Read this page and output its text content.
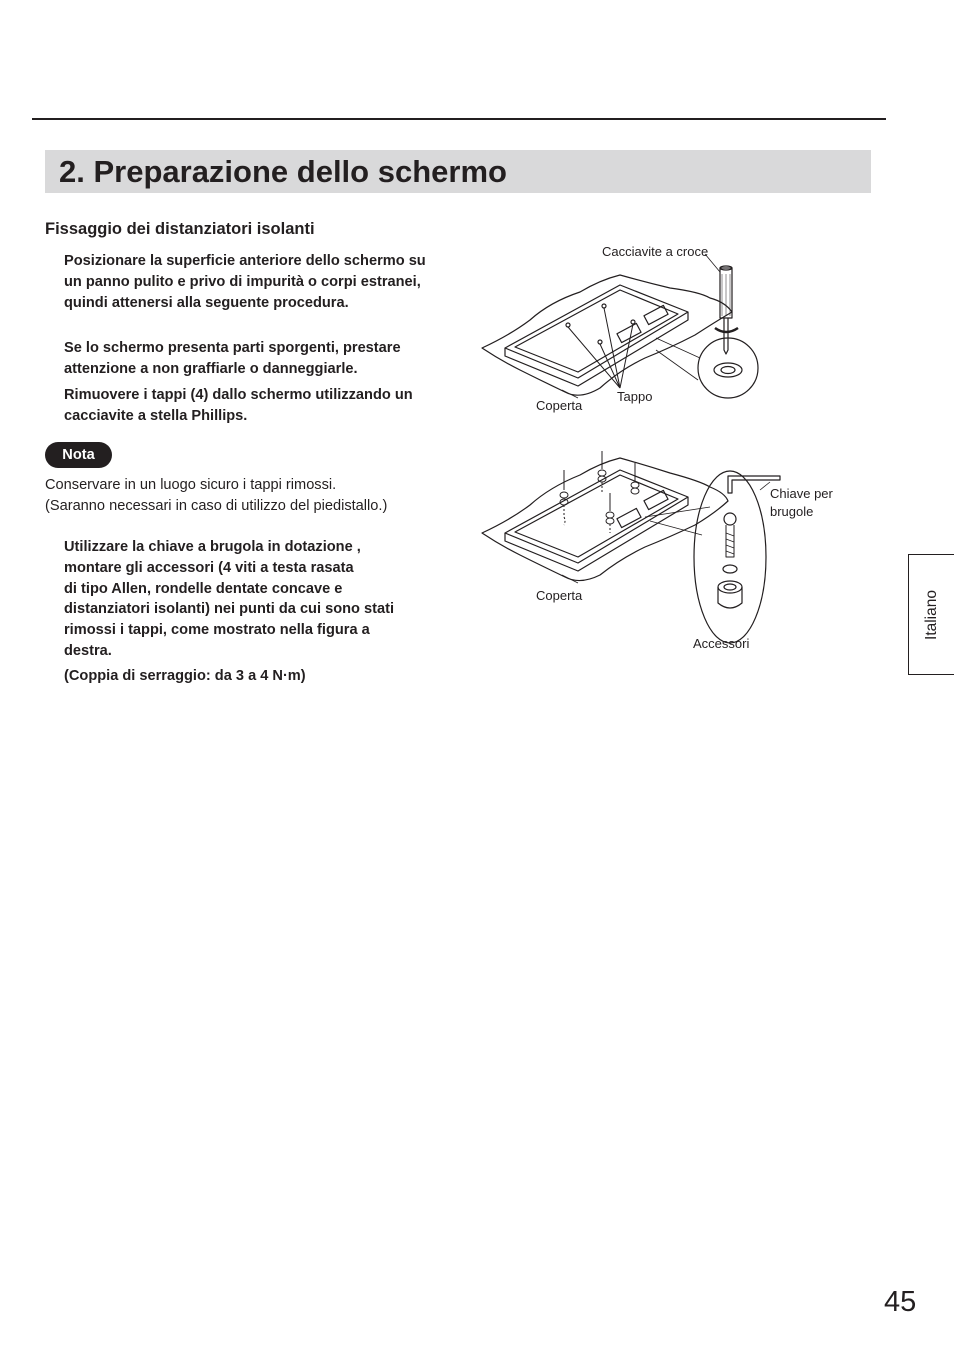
2. Preparazione dello schermo
Fissaggio dei distanziatori isolanti

Posizionare la superficie anteriore dello schermo su un panno pulito e privo di impurità o corpi estranei, quindi attenersi alla seguente procedura.

Se lo schermo presenta parti sporgenti, prestare attenzione a non graffiarle o danneggiarle.

Rimuovere i tappi (4) dallo schermo utilizzando un cacciavite a stella Phillips.

Nota

Conservare in un luogo sicuro i tappi rimossi.
(Saranno necessari in caso di utilizzo del piedistallo.)

Utilizzare la chiave a brugola in dotazione ,
montare gli accessori (4 viti a testa rasata
di tipo Allen, rondelle dentate concave e
distanziatori isolanti) nei punti da cui sono stati
rimossi i tappi, come mostrato nella figura a
destra.

(Coppia di serraggio: da 3 a 4 N·m)

Cacciavite a croce
Coperta
Tappo
Chiave per
brugole
Coperta
Accessori
Italiano
45
